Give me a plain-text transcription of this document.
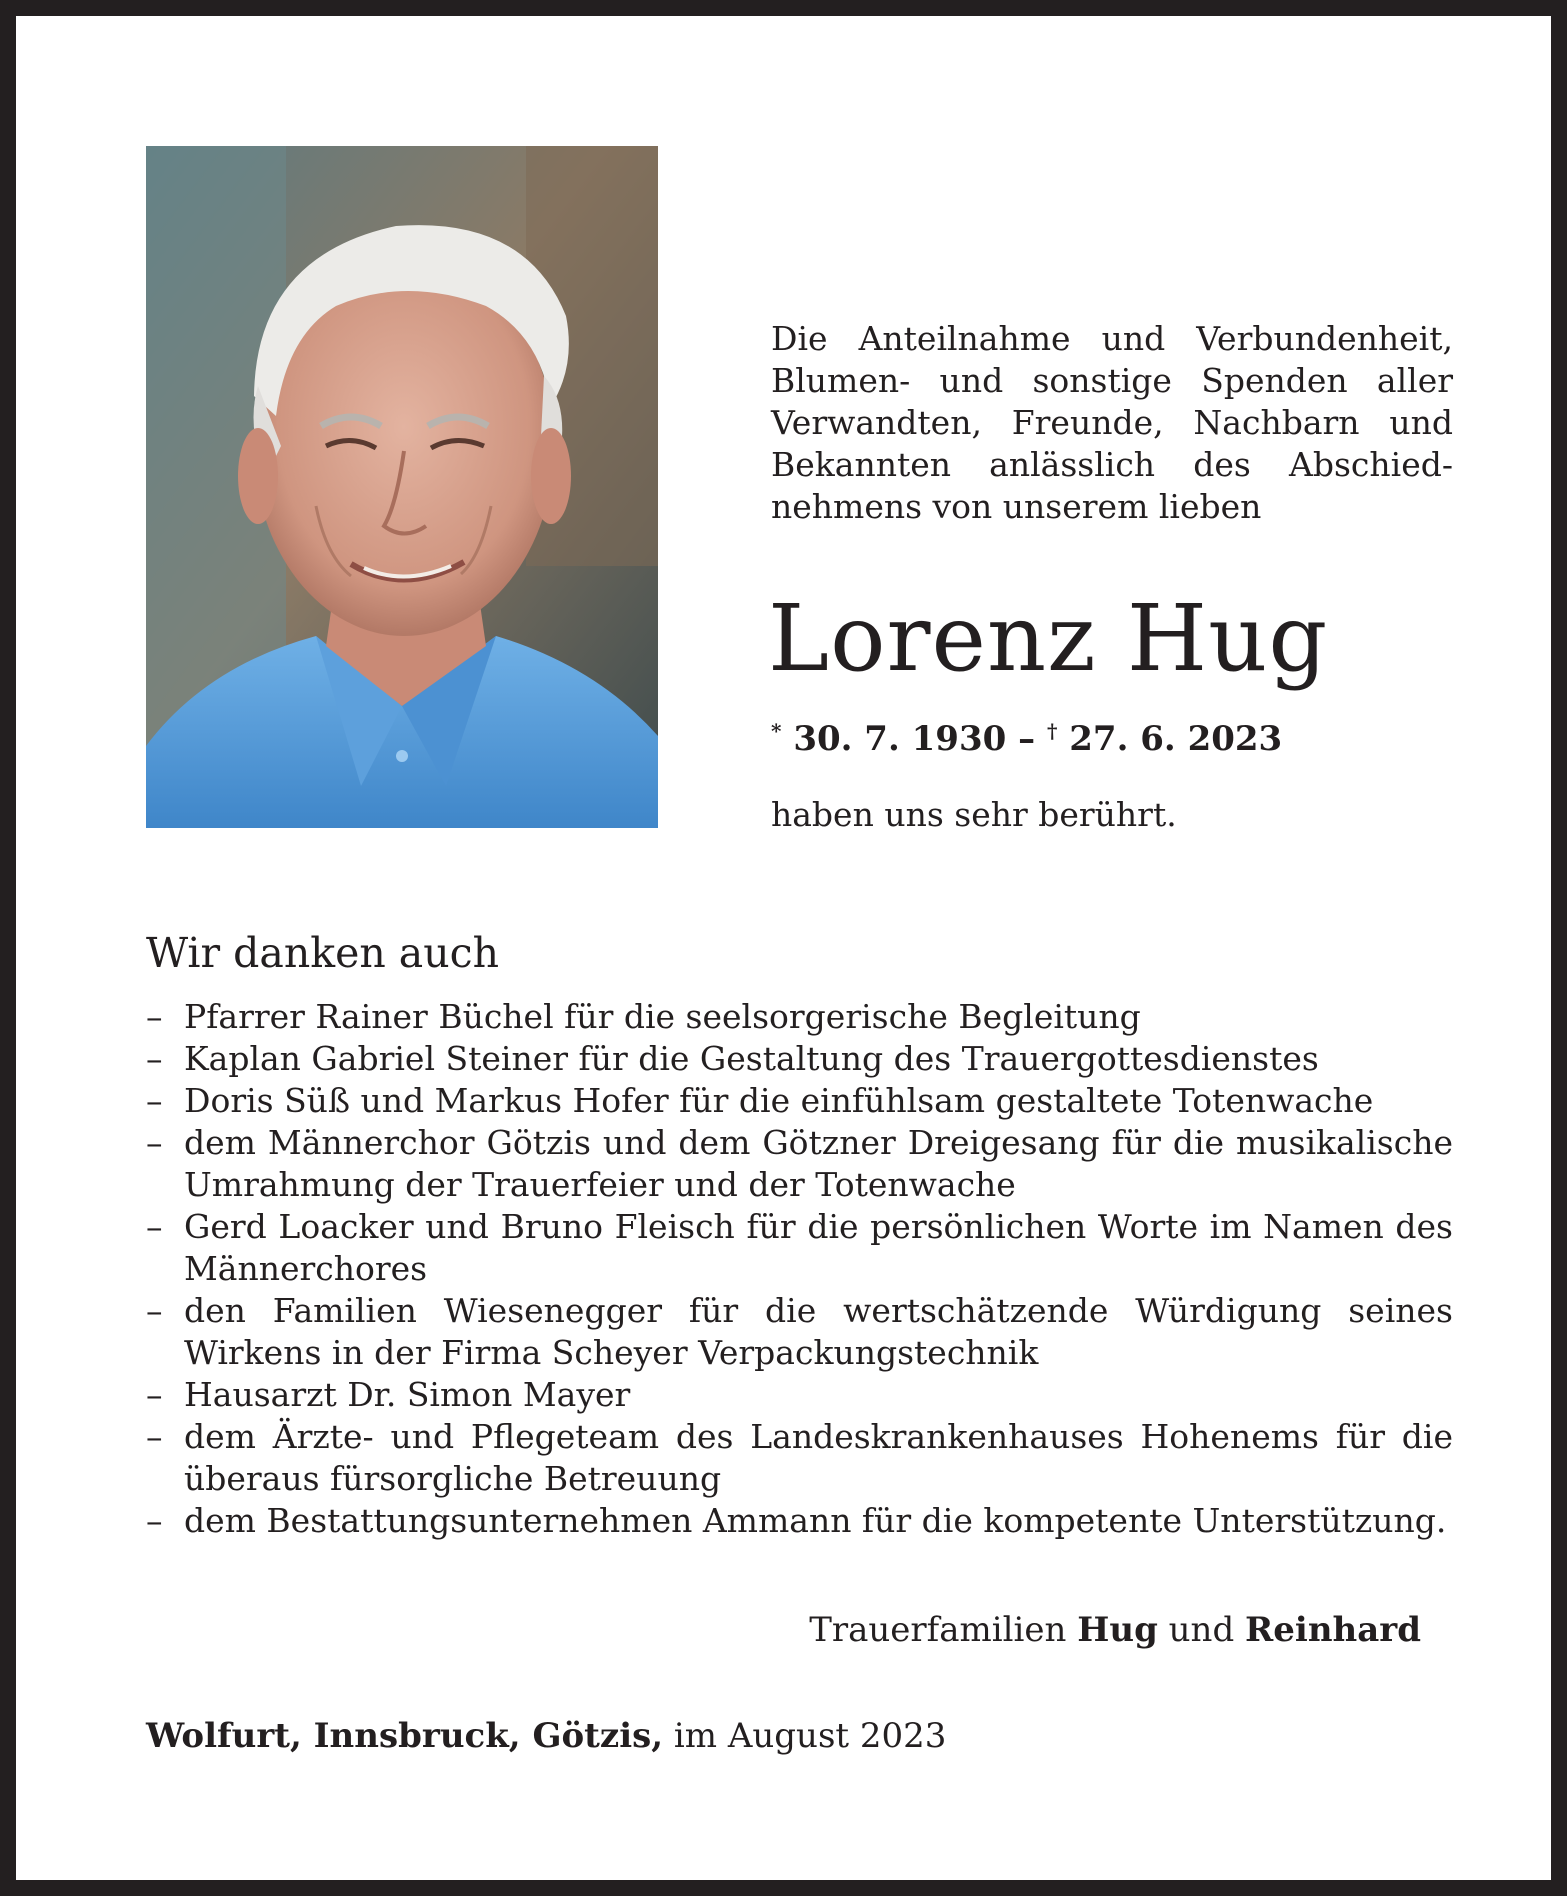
Die Anteilnahme und Verbundenheit,
Blumen- und sonstige Spenden aller
Verwandten, Freunde, Nachbarn und
Bekannten anlässlich des Abschied-
nehmens von unserem lieben
Lorenz Hug
* 30. 7. 1930 – † 27. 6. 2023
haben uns sehr berührt.
Wir danken auch
– Pfarrer Rainer Büchel für die seelsorgerische Begleitung
– Kaplan Gabriel Steiner für die Gestaltung des Trauergottesdienstes
– Doris Süß und Markus Hofer für die einfühlsam gestaltete Totenwache
– dem Männerchor Götzis und dem Götzner Dreigesang für die musikalische Umrahmung der Trauerfeier und der Totenwache
– Gerd Loacker und Bruno Fleisch für die persönlichen Worte im Namen des Männerchores
– den Familien Wiesenegger für die wertschätzende Würdigung seines Wirkens in der Firma Scheyer Verpackungstechnik
– Hausarzt Dr. Simon Mayer
– dem Ärzte- und Pflegeteam des Landeskrankenhauses Hohenems für die überaus fürsorgliche Betreuung
– dem Bestattungsunternehmen Ammann für die kompetente Unterstützung.
Trauerfamilien Hug und Reinhard
Wolfurt, Innsbruck, Götzis, im August 2023
